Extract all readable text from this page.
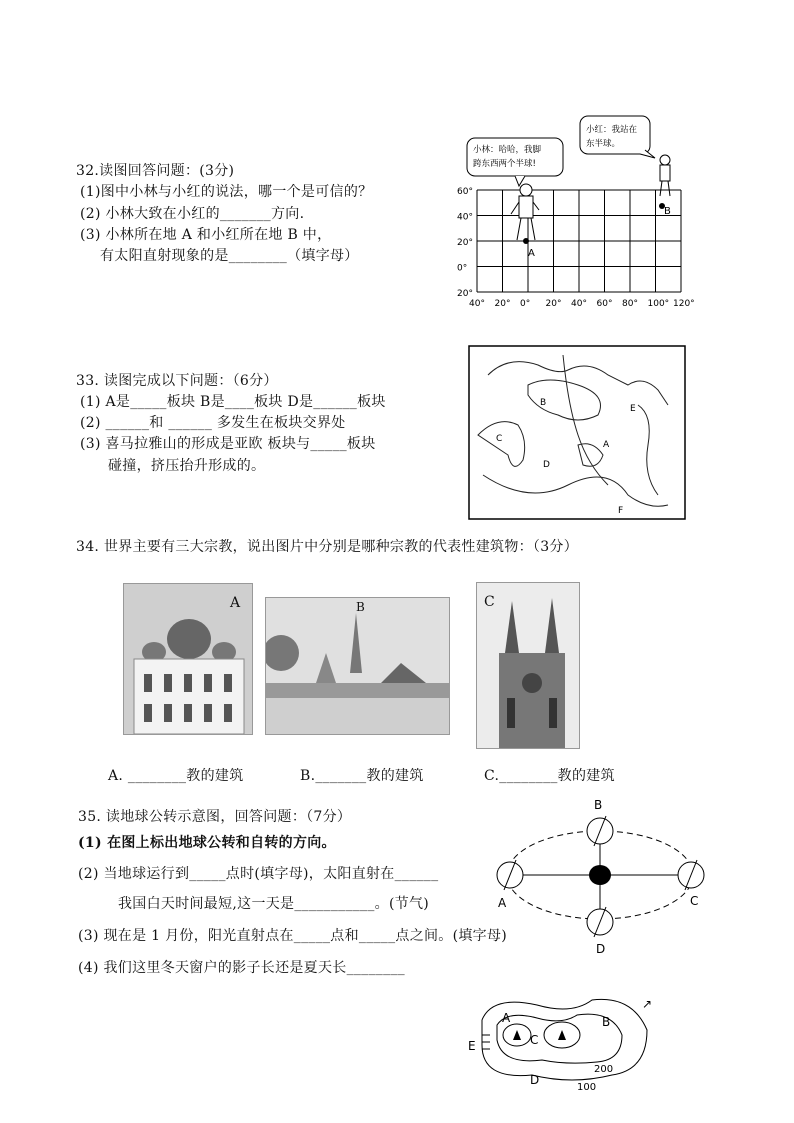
32.读图回答问题：(3分)
(1)图中小林与小红的说法，哪一个是可信的？
(2) 小林大致在小红的_______方向.
(3) 小林所在地 A 和小红所在地 B 中，
有太阳直射现象的是________（填字母）
小林：哈哈，我脚
跨东西两个半球!
小红：我站在
东半球。
A
B
60°
40°
20°
0°
20°
40° 20° 0° 20° 40° 60° 80° 100° 120°
33. 读图完成以下问题：（6分）
(1) A是_____板块 B是____板块 D是______板块
(2) ______和 ______ 多发生在板块交界处
(3) 喜马拉雅山的形成是亚欧 板块与_____板块
碰撞，挤压抬升形成的。
B
A
C
D
E
F
34. 世界主要有三大宗教，说出图片中分别是哪种宗教的代表性建筑物：（3分）
A	B	C
A. ________教的建筑	B._______教的建筑	C.________教的建筑
35. 读地球公转示意图，回答问题：（7分）
(1) 在图上标出地球公转和自转的方向。
(2) 当地球运行到_____点时(填字母)，太阳直射在______
我国白天时间最短,这一天是___________。(节气)
(3) 现在是 1 月份，阳光直射点在_____点和_____点之间。(填字母)
(4) 我们这里冬天窗户的影子长还是夏天长________
A
B
C
D
↗
A	B
C
D
E
200
100
